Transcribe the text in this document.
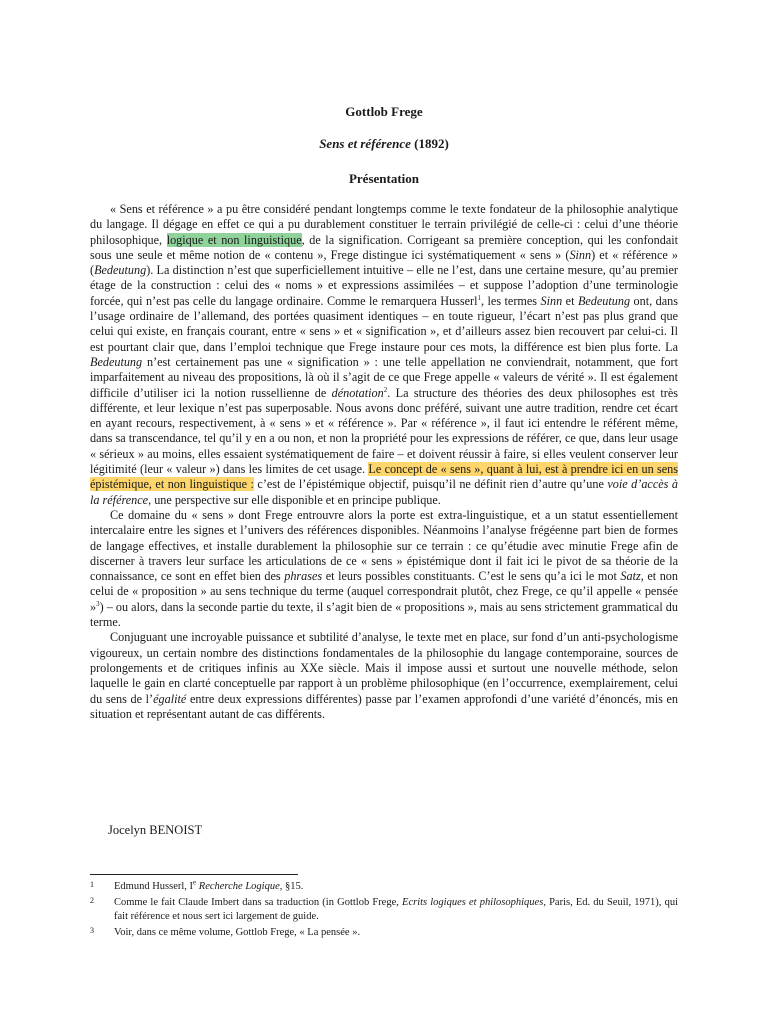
Gottlob Frege
Sens et référence (1892)
Présentation

« Sens et référence » a pu être considéré pendant longtemps comme le texte fondateur de la philosophie analytique du langage. Il dégage en effet ce qui a pu durablement constituer le terrain privilégié de celle-ci : celui d’une théorie philosophique, logique et non linguistique, de la signification. Corrigeant sa première conception, qui les confondait sous une seule et même notion de « contenu », Frege distingue ici systématiquement « sens » (Sinn) et « référence » (Bedeutung). La distinction n’est que superficiellement intuitive – elle ne l’est, dans une certaine mesure, qu’au premier étage de la construction : celui des « noms » et expressions assimilées – et suppose l’adoption d’une terminologie forcée, qui n’est pas celle du langage ordinaire. Comme le remarquera Husserl$^1$, les termes Sinn et Bedeutung ont, dans l’usage ordinaire de l’allemand, des portées quasiment identiques – en toute rigueur, l’écart n’est pas plus grand que celui qui existe, en français courant, entre « sens » et « signification », et d’ailleurs assez bien recouvert par celui-ci. Il est pourtant clair que, dans l’emploi technique que Frege instaure pour ces mots, la différence est bien plus forte. La Bedeutung n’est certainement pas une « signification » : une telle appellation ne conviendrait, notamment, que fort imparfaitement au niveau des propositions, là où il s’agit de ce que Frege appelle « valeurs de vérité ». Il est également difficile d’utiliser ici la notion russellienne de dénotation$^2$. La structure des théories des deux philosophes est très différente, et leur lexique n’est pas superposable. Nous avons donc préféré, suivant une autre tradition, rendre cet écart en ayant recours, respectivement, à « sens » et « référence ». Par « référence », il faut ici entendre le référent même, dans sa transcendance, tel qu’il y en a ou non, et non la propriété pour les expressions de référer, ce que, dans leur usage « sérieux » au moins, elles essaient systématiquement de faire – et doivent réussir à faire, si elles veulent conserver leur légitimité (leur « valeur ») dans les limites de cet usage. Le concept de « sens », quant à lui, est à prendre ici en un sens épistémique, et non linguistique : c’est de l’épistémique objectif, puisqu’il ne définit rien d’autre qu’une voie d’accès à la référence, une perspective sur elle disponible et en principe publique.

Ce domaine du « sens » dont Frege entrouvre alors la porte est extra-linguistique, et a un statut essentiellement intercalaire entre les signes et l’univers des références disponibles. Néanmoins l’analyse frégéenne part bien de formes de langage effectives, et installe durablement la philosophie sur ce terrain : ce qu’étudie avec minutie Frege afin de discerner à travers leur surface les articulations de ce « sens » épistémique dont il fait ici le pivot de sa théorie de la connaissance, ce sont en effet bien des phrases et leurs possibles constituants. C’est le sens qu’a ici le mot Satz, et non celui de « proposition » au sens technique du terme (auquel correspondrait plutôt, chez Frege, ce qu’il appelle « pensée »$^3$) – ou alors, dans la seconde partie du texte, il s’agit bien de « propositions », mais au sens strictement grammatical du terme.

Conjuguant une incroyable puissance et subtilité d’analyse, le texte met en place, sur fond d’un anti-psychologisme vigoureux, un certain nombre des distinctions fondamentales de la philosophie du langage contemporaine, sources de prolongements et de critiques infinis au XXe siècle. Mais il impose aussi et surtout une nouvelle méthode, selon laquelle le gain en clarté conceptuelle par rapport à un problème philosophique (en l’occurrence, exemplairement, celui du sens de l’égalité entre deux expressions différentes) passe par l’examen approfondi d’une variété d’énoncés, mis en situation et représentant autant de cas différents.

Jocelyn BENOIST
1 Edmund Husserl, Ie Recherche Logique, §15.
2 Comme le fait Claude Imbert dans sa traduction (in Gottlob Frege, Ecrits logiques et philosophiques, Paris, Ed. du Seuil, 1971), qui fait référence et nous sert ici largement de guide.
3 Voir, dans ce même volume, Gottlob Frege, « La pensée ».
